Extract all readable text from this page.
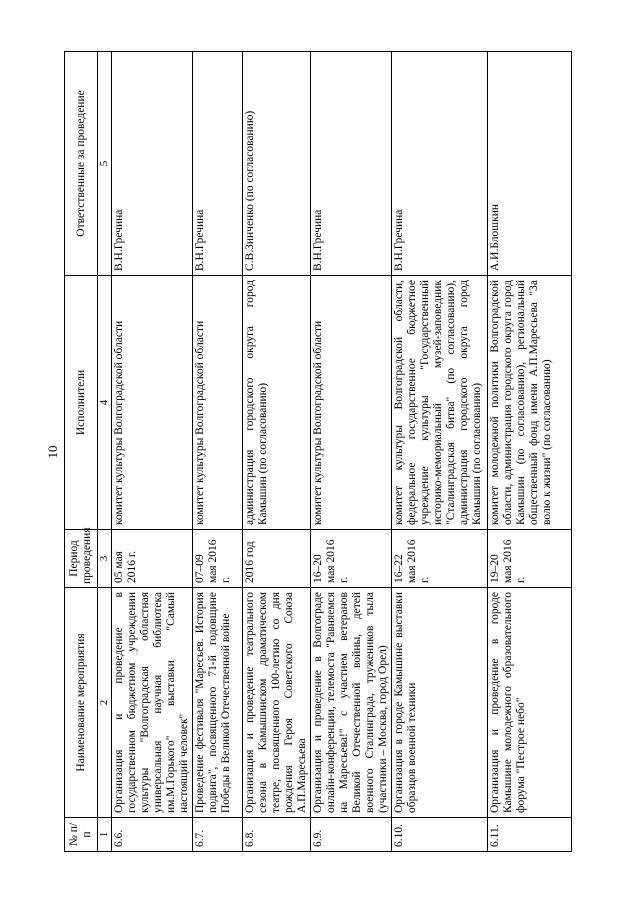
10
№ п/п	Наименование мероприятия	Период проведения	Исполнители	Ответственные за проведение
1	2	3	4	5
6.6.	Организация и проведение в государственном бюджетном учреждении культуры "Волгоградская областная универсальная научная библиотека им.М.Горького" выставки "Самый настоящий человек"	05 мая 2016 г.	комитет культуры Волгоградской области	В.Н.Гречина
6.7.	Проведение фестиваля "Маресьев. История подвига", посвященного 71-й годовщине Победы в Великой Отечественной войне	07–09 мая 2016 г.	комитет культуры Волгоградской области	В.Н.Гречина
6.8.	Организация и проведение театрального сезона в Камышинском драматическом театре, посвященного 100-летию со дня рождения Героя Советского Союза А.П.Маресьева	2016 год	администрация городского округа город Камышин (по согласованию)	С.В.Зинченко (по согласованию)
6.9.	Организация и проведение в Волгограде онлайн-конференции, телемоста "Равняемся на Маресьева!" с участием ветеранов Великой Отечественной войны, детей военного Сталинграда, тружеников тыла (участники – Москва, город Орел)	16–20 мая 2016 г.	комитет культуры Волгоградской области	В.Н.Гречина
6.10.	Организация в городе Камышине выставки образцов военной техники	16–22 мая 2016 г.	комитет культуры Волгоградской области, федеральное государственное бюджетное учреждение культуры "Государственный историко-мемориальный музей-заповедник "Сталинградская битва" (по согласованию), администрация городского округа город Камышин (по согласованию)	В.Н.Гречина
6.11.	Организация и проведение в городе Камышине молодежного образовательного форума "Пестрое небо"	19–20 мая 2016 г.	комитет молодежной политики Волгоградской области, администрация городского округа город Камышин (по согласованию), региональный общественный фонд имени А.П.Маресьева "За волю к жизни" (по согласованию)	А.И.Блошкин
